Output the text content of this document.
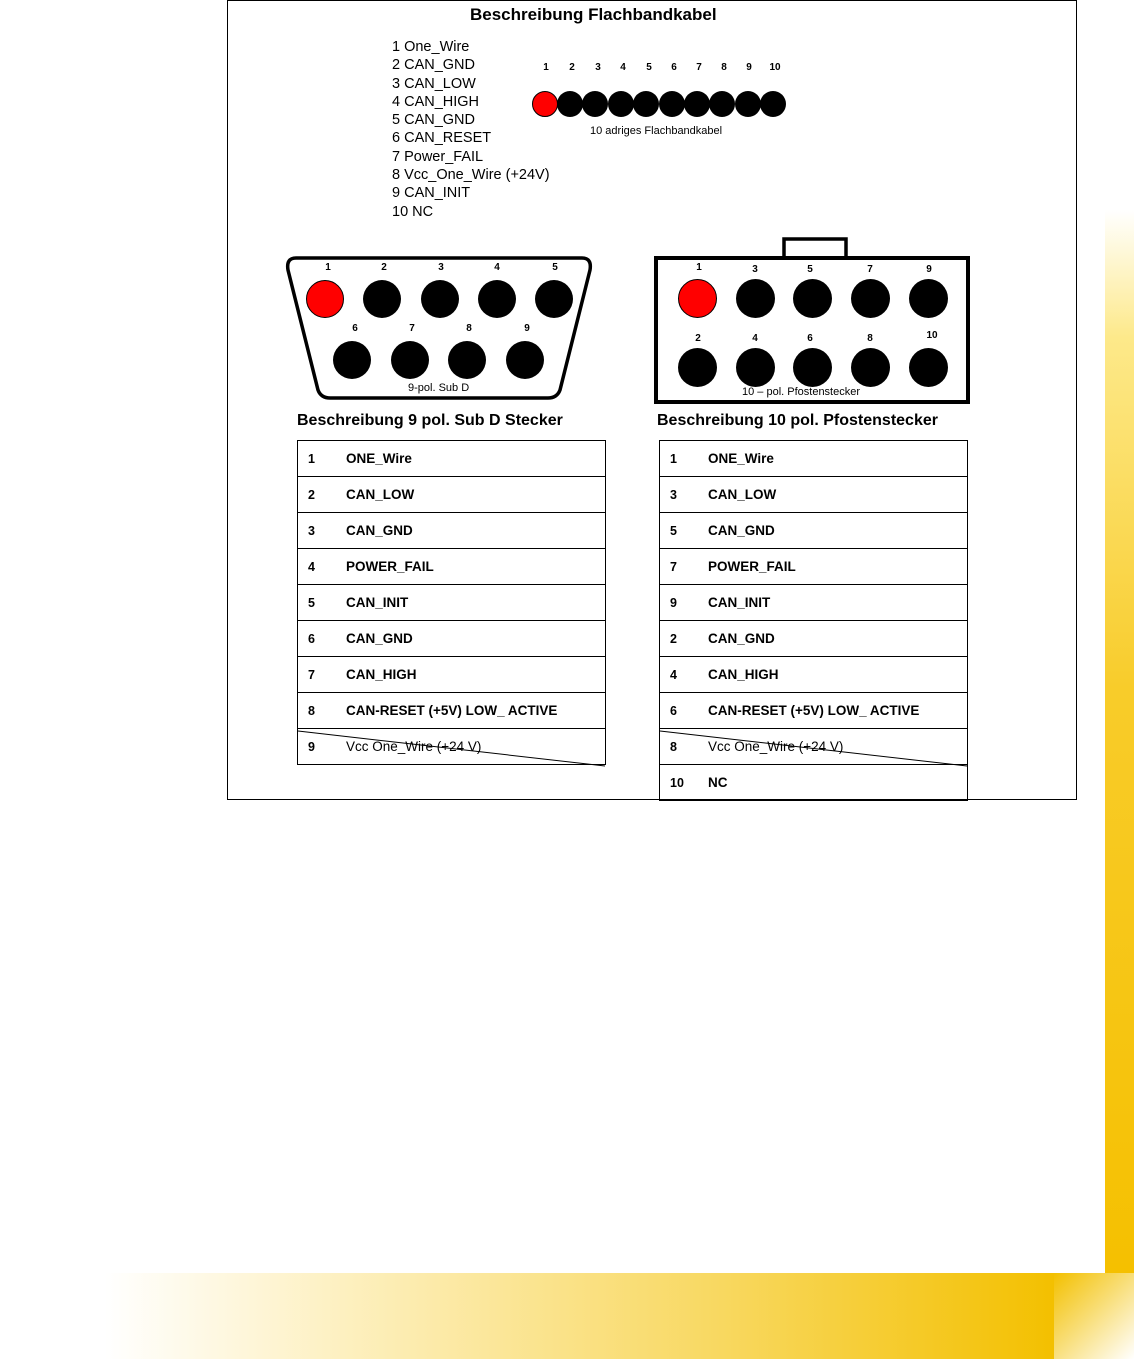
Beschreibung Flachbandkabel
1 One_Wire
2 CAN_GND
3 CAN_LOW
4 CAN_HIGH
5 CAN_GND
6 CAN_RESET
7 Power_FAIL
8 Vcc_One_Wire (+24V)
9 CAN_INIT
10 NC
1 2 3 4 5 6 7 8 9 10
10 adriges Flachbandkabel
1	2	3	4	5
6	7	8	9
9-pol. Sub D
1	3	5	7	9
2	4	6	8	10
10 – pol. Pfostenstecker
Beschreibung 9 pol. Sub D Stecker	Beschreibung 10 pol. Pfostenstecker
1	ONE_Wire
2	CAN_LOW
3	CAN_GND
4	POWER_FAIL
5	CAN_INIT
6	CAN_GND
7	CAN_HIGH
8	CAN-RESET (+5V) LOW_ ACTIVE
9	Vcc One_Wire (+24 V)
1	ONE_Wire
3	CAN_LOW
5	CAN_GND
7	POWER_FAIL
9	CAN_INIT
2	CAN_GND
4	CAN_HIGH
6	CAN-RESET (+5V) LOW_ ACTIVE
8	Vcc One_Wire (+24 V)
10	NC
